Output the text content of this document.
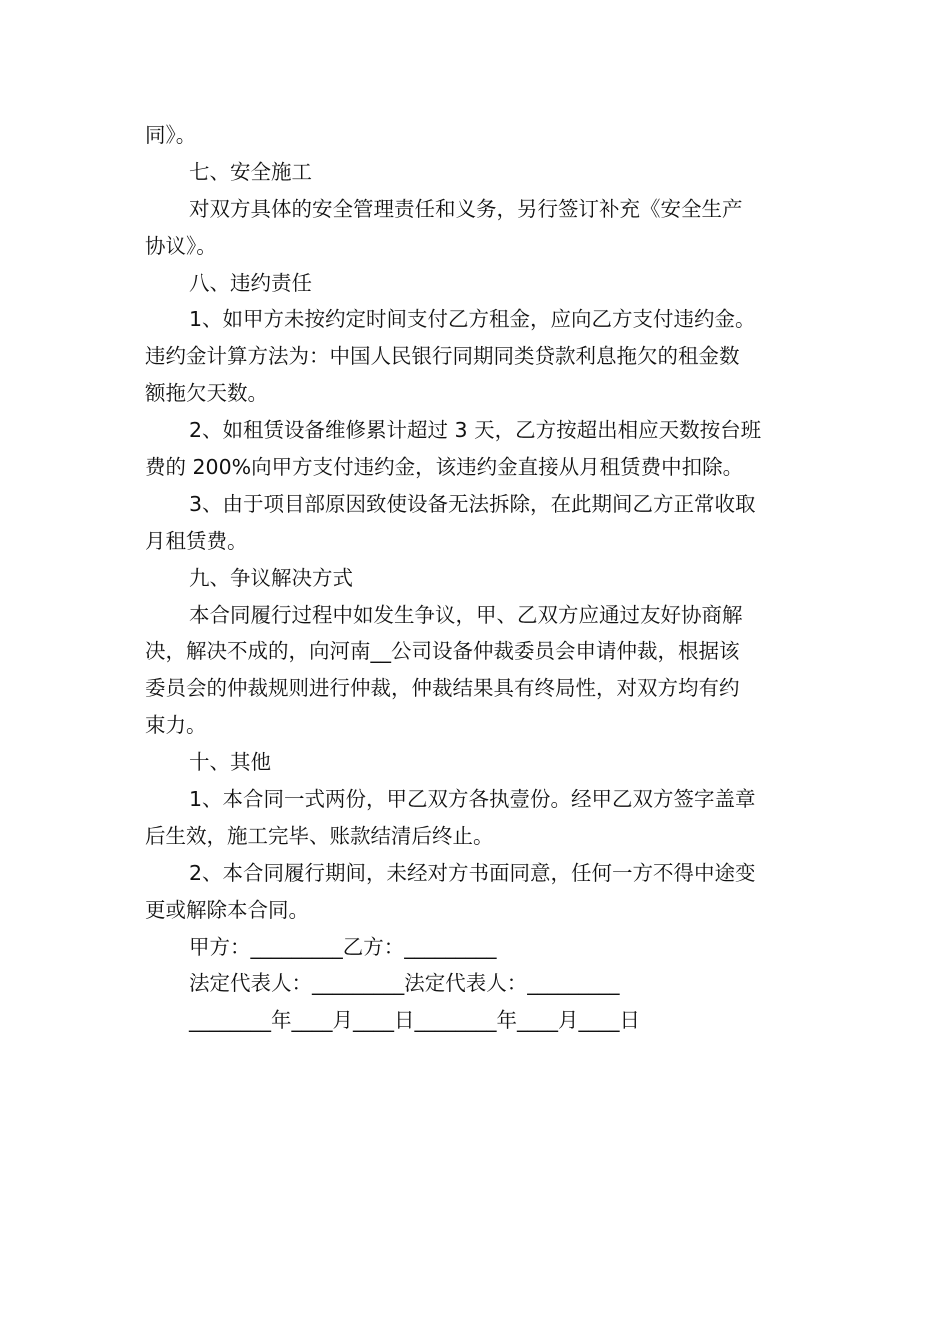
同》。
七、安全施工
对双方具体的安全管理责任和义务，另行签订补充《安全生产
协议》。
八、违约责任
1、如甲方未按约定时间支付乙方租金，应向乙方支付违约金。
违约金计算方法为：中国人民银行同期同类贷款利息拖欠的租金数
额拖欠天数。
2、如租赁设备维修累计超过 3 天，乙方按超出相应天数按台班
费的 200%向甲方支付违约金，该违约金直接从月租赁费中扣除。
3、由于项目部原因致使设备无法拆除，在此期间乙方正常收取
月租赁费。
九、争议解决方式
本合同履行过程中如发生争议，甲、乙双方应通过友好协商解
决，解决不成的，向河南__公司设备仲裁委员会申请仲裁，根据该
委员会的仲裁规则进行仲裁，仲裁结果具有终局性，对双方均有约
束力。
十、其他
1、本合同一式两份，甲乙双方各执壹份。经甲乙双方签字盖章
后生效，施工完毕、账款结清后终止。
2、本合同履行期间，未经对方书面同意，任何一方不得中途变
更或解除本合同。
甲方：_________乙方：_________
法定代表人：_________法定代表人：_________
________年____月____日________年____月____日
